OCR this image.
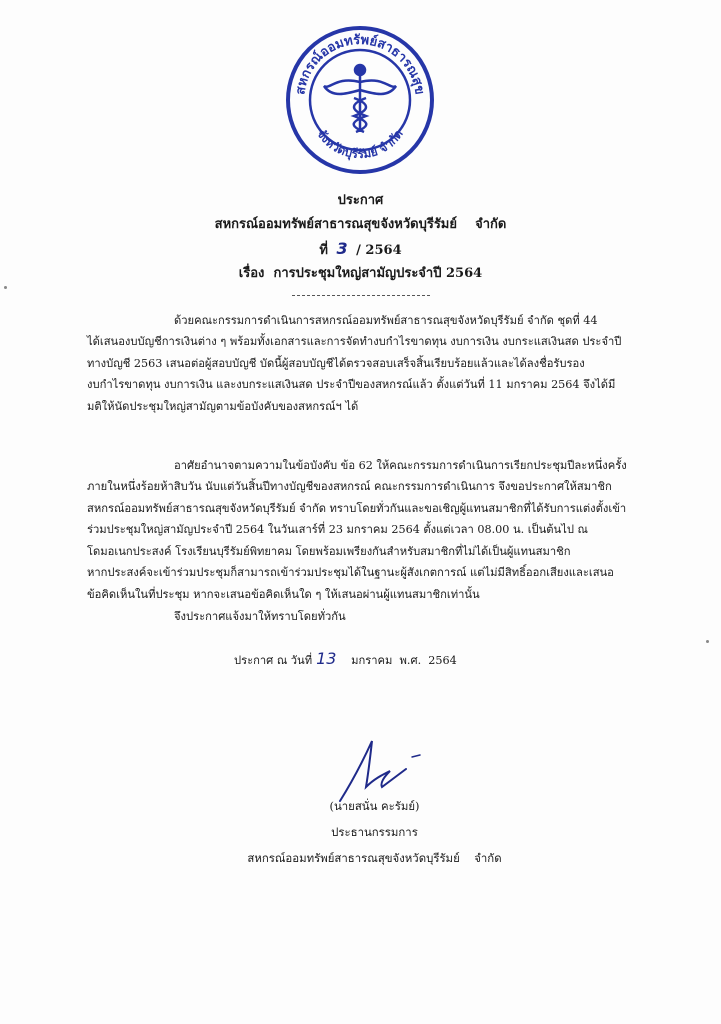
สหกรณ์ออมทรัพย์สาธารณสุข
จังหวัดบุรีรัมย์ จำกัด
ประกาศ
สหกรณ์ออมทรัพย์สาธารณสุขจังหวัดบุรีรัมย์ จำกัด
ที่ 3 / 2564
เรื่อง การประชุมใหญ่สามัญประจำปี 2564
ด้วยคณะกรรมการดำเนินการสหกรณ์ออมทรัพย์สาธารณสุขจังหวัดบุรีรัมย์ จำกัด ชุดที่ 44
ได้เสนองบบัญชีการเงินต่าง ๆ พร้อมทั้งเอกสารและการจัดทำงบกำไรขาดทุน งบการเงิน งบกระแสเงินสด ประจำปี
ทางบัญชี 2563 เสนอต่อผู้สอบบัญชี บัดนี้ผู้สอบบัญชีได้ตรวจสอบเสร็จสิ้นเรียบร้อยแล้วและได้ลงชื่อรับรอง
งบกำไรขาดทุน งบการเงิน และงบกระแสเงินสด ประจำปีของสหกรณ์แล้ว ตั้งแต่วันที่ 11 มกราคม 2564 จึงได้มี
มติให้นัดประชุมใหญ่สามัญตามข้อบังคับของสหกรณ์ฯ ได้
อาศัยอำนาจตามความในข้อบังคับ ข้อ 62 ให้คณะกรรมการดำเนินการเรียกประชุมปีละหนึ่งครั้ง
ภายในหนึ่งร้อยห้าสิบวัน นับแต่วันสิ้นปีทางบัญชีของสหกรณ์ คณะกรรมการดำเนินการ จึงขอประกาศให้สมาชิก
สหกรณ์ออมทรัพย์สาธารณสุขจังหวัดบุรีรัมย์ จำกัด ทราบโดยทั่วกันและขอเชิญผู้แทนสมาชิกที่ได้รับการแต่งตั้งเข้า
ร่วมประชุมใหญ่สามัญประจำปี 2564 ในวันเสาร์ที่ 23 มกราคม 2564 ตั้งแต่เวลา 08.00 น. เป็นต้นไป ณ
โดมอเนกประสงค์ โรงเรียนบุรีรัมย์พิทยาคม โดยพร้อมเพรียงกันสำหรับสมาชิกที่ไม่ได้เป็นผู้แทนสมาชิก
หากประสงค์จะเข้าร่วมประชุมก็สามารถเข้าร่วมประชุมได้ในฐานะผู้สังเกตการณ์ แต่ไม่มีสิทธิ์ออกเสียงและเสนอ
ข้อคิดเห็นในที่ประชุม หากจะเสนอข้อคิดเห็นใด ๆ ให้เสนอผ่านผู้แทนสมาชิกเท่านั้น
จึงประกาศแจ้งมาให้ทราบโดยทั่วกัน
ประกาศ ณ วันที่ 13 มกราคม พ.ศ. 2564
(นายสนั่น คะรัมย์)
ประธานกรรมการ
สหกรณ์ออมทรัพย์สาธารณสุขจังหวัดบุรีรัมย์ จำกัด
